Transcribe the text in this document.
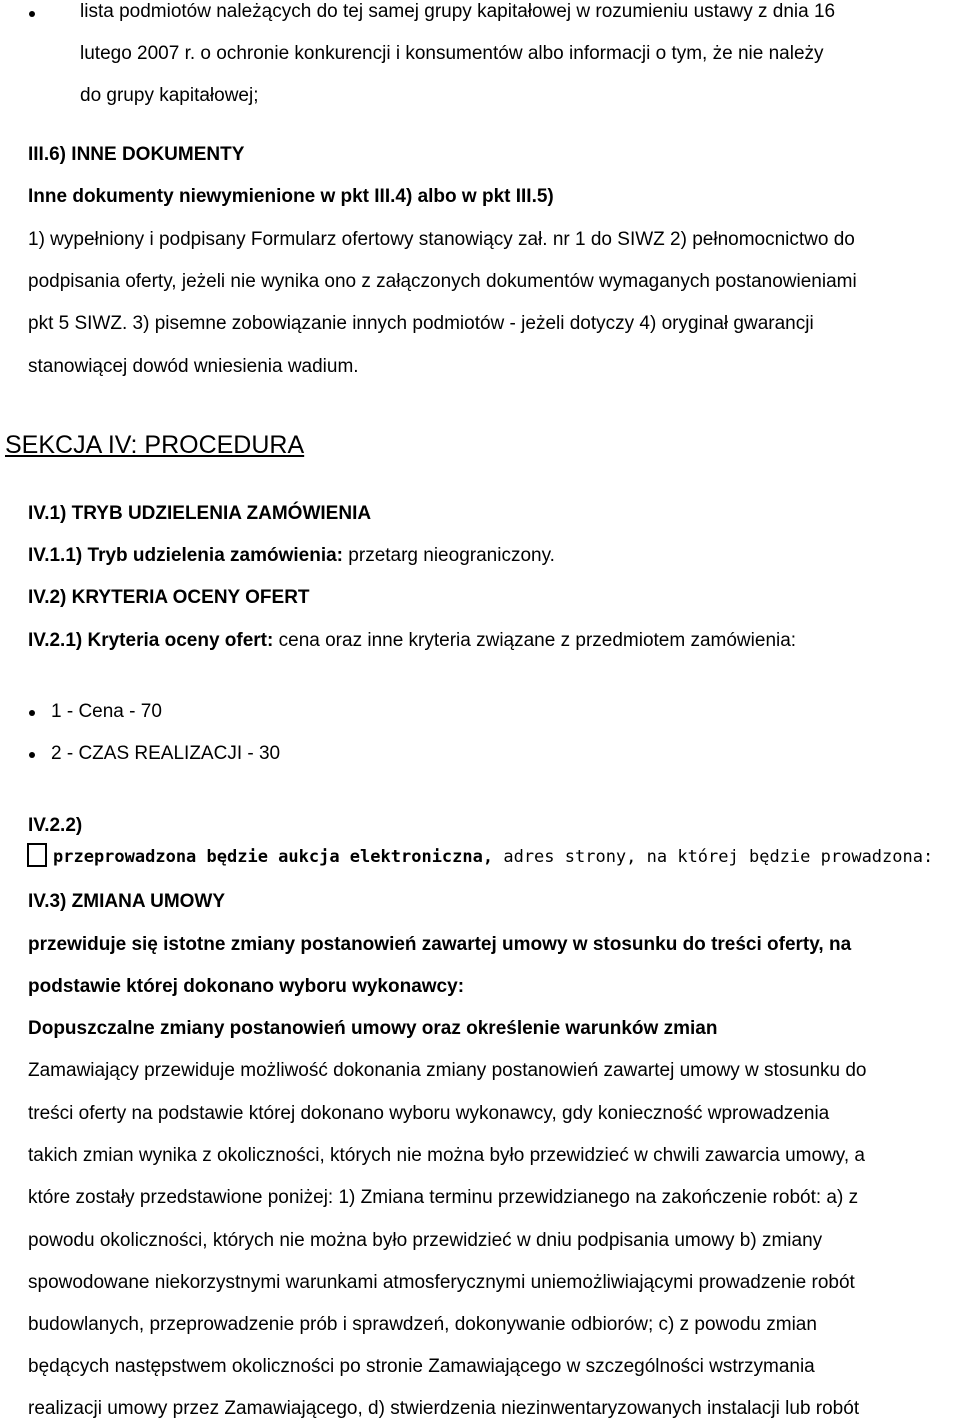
lista podmiotów należących do tej samej grupy kapitałowej w rozumieniu ustawy z dnia 16
lutego 2007 r. o ochronie konkurencji i konsumentów albo informacji o tym, że nie należy
do grupy kapitałowej;
III.6) INNE DOKUMENTY
Inne dokumenty niewymienione w pkt III.4) albo w pkt III.5)
1) wypełniony i podpisany Formularz ofertowy stanowiący zał. nr 1 do SIWZ 2) pełnomocnictwo do
podpisania oferty, jeżeli nie wynika ono z załączonych dokumentów wymaganych postanowieniami
pkt 5 SIWZ. 3) pisemne zobowiązanie innych podmiotów - jeżeli dotyczy 4) oryginał gwarancji
stanowiącej dowód wniesienia wadium.
SEKCJA IV: PROCEDURA
IV.1) TRYB UDZIELENIA ZAMÓWIENIA
IV.1.1) Tryb udzielenia zamówienia: przetarg nieograniczony.
IV.2) KRYTERIA OCENY OFERT
IV.2.1) Kryteria oceny ofert: cena oraz inne kryteria związane z przedmiotem zamówienia:
1 - Cena - 70
2 - CZAS REALIZACJI - 30
IV.2.2)
przeprowadzona będzie aukcja elektroniczna, adres strony, na której będzie prowadzona:
IV.3) ZMIANA UMOWY
przewiduje się istotne zmiany postanowień zawartej umowy w stosunku do treści oferty, na
podstawie której dokonano wyboru wykonawcy:
Dopuszczalne zmiany postanowień umowy oraz określenie warunków zmian
Zamawiający przewiduje możliwość dokonania zmiany postanowień zawartej umowy w stosunku do
treści oferty na podstawie której dokonano wyboru wykonawcy, gdy konieczność wprowadzenia
takich zmian wynika z okoliczności, których nie można było przewidzieć w chwili zawarcia umowy, a
które zostały przedstawione poniżej: 1) Zmiana terminu przewidzianego na zakończenie robót: a) z
powodu okoliczności, których nie można było przewidzieć w dniu podpisania umowy b) zmiany
spowodowane niekorzystnymi warunkami atmosferycznymi uniemożliwiającymi prowadzenie robót
budowlanych, przeprowadzenie prób i sprawdzeń, dokonywanie odbiorów; c) z powodu zmian
będących następstwem okoliczności po stronie Zamawiającego w szczególności wstrzymania
realizacji umowy przez Zamawiającego, d) stwierdzenia niezinwentaryzowanych instalacji lub robót
